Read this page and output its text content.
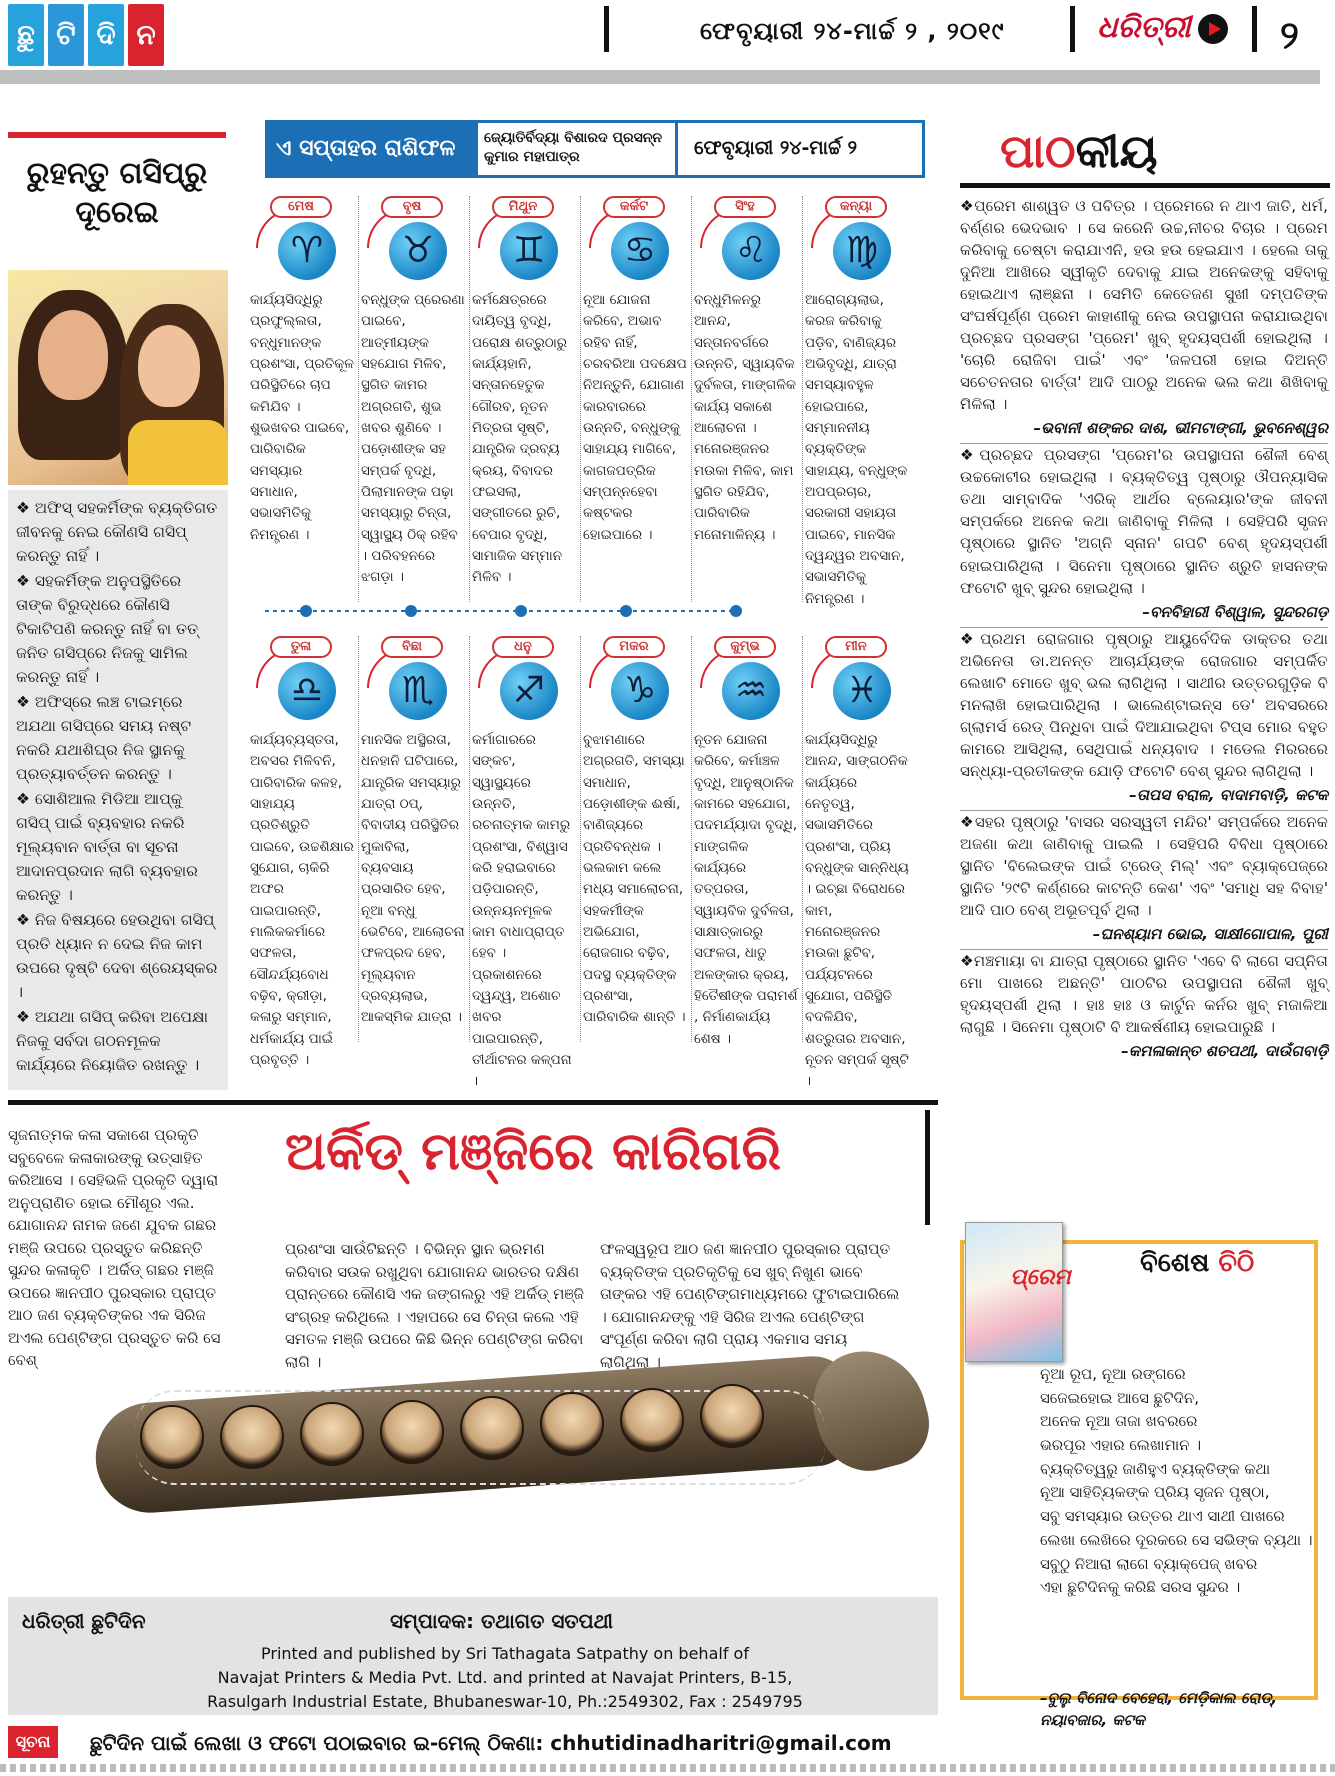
ଛୁ ଟି ଦି ନ	ଫେବୃୟାରୀ ୨୪-ମାର୍ଚ୍ଚ ୨ , ୨୦୧୯	ଧରିତ୍ରୀ ୨
ରୁହନ୍ତୁ ଗସିପ୍‌ରୁ ଦୂରେଇ

❖ ଅଫିସ୍ ସହକର୍ମିଙ୍କ ବ୍ୟକ୍ତିଗତ ଜୀବନକୁ ନେଇ କୌଣସି ଗସିପ୍ କରନ୍ତୁ ନାହିଁ ।

❖ ସହକର୍ମିଙ୍କ ଅନୁପସ୍ଥିତିରେ ତାଙ୍କ ବିରୁଦ୍ଧରେ କୌଣସି ଟିକାଟିପଣି କରନ୍ତୁ ନାହିଁ ବା ତତ୍ ଜନିତ ଗସିପ୍‌ରେ ନିଜକୁ ସାମିଲ କରନ୍ତୁ ନାହିଁ ।

❖ ଅଫିସ୍‌ରେ ଲଞ୍ଚ ଟାଇମ୍‌ରେ ଅଯଥା ଗସିପ୍‌ରେ ସମୟ ନଷ୍ଟ ନକରି ଯଥାଶିଘ୍ର ନିଜ ସ୍ଥାନକୁ ପ୍ରତ୍ୟାବର୍ତ୍ତନ କରନ୍ତୁ ।

❖ ସୋଶିଆଲ ମିଡିଆ ଆପ୍‌କୁ ଗସିପ୍ ପାଇଁ ବ୍ୟବହାର ନକରି ମୂଲ୍ୟବାନ ବାର୍ତ୍ତା ବା ସୂଚନା ଆଦାନପ୍ରଦାନ ଲାଗି ବ୍ୟବହାର କରନ୍ତୁ ।

❖ ନିଜ ବିଷୟରେ ହେଉଥିବା ଗସିପ୍ ପ୍ରତି ଧ୍ୟାନ ନ ଦେଇ ନିଜ କାମ ଉପରେ ଦୃଷ୍ଟି ଦେବା ଶ୍ରେୟସ୍କର ।

❖ ଅଯଥା ଗସିପ୍ କରିବା ଅପେକ୍ଷା ନିଜକୁ ସର୍ବଦା ଗଠନମୂଳକ କାର୍ଯ୍ୟରେ ନିୟୋଜିତ ରଖନ୍ତୁ ।

ଏ ସପ୍ତାହର ରାଶିଫଳ	ଜ୍ୟୋତିର୍ବିଦ୍ୟା ବିଶାରଦ ପ୍ରସନ୍ନ କୁମାର ମହାପାତ୍ର	ଫେବୃୟାରୀ ୨୪-ମାର୍ଚ୍ଚ ୨
ମେଷ
♈
କାର୍ଯ୍ୟସିଦ୍ଧିରୁ ପ୍ରଫୁଲ୍ଲତା, ବନ୍ଧୁମାନଙ୍କ ପ୍ରଶଂସା, ପ୍ରତିକୂଳ ପରିସ୍ଥିତିରେ ଚାପ କମିଯିବ । ଶୁଭଖବର ପାଇବେ, ପାରିବାରିକ ସମସ୍ୟାର ସମାଧାନ, ସଭାସମିତିକୁ ନିମନ୍ତ୍ରଣ ।
ବୃଷ
♉
ବନ୍ଧୁଙ୍କ ପ୍ରେରଣା ପାଇବେ, ଆତ୍ମୀୟଙ୍କ ସହଯୋଗ ମିଳିବ, ସ୍ଥଗିତ କାମର ଅଗ୍ରଗତି, ଶୁଭ ଖବର ଶୁଣିବେ । ପଡ଼ୋଶୀଙ୍କ ସହ ସମ୍ପର୍କ ବୃଦ୍ଧି, ପିଲାମାନଙ୍କ ପଢ଼ା ସମସ୍ୟାରୁ ଚିନ୍ତା, ସ୍ୱାସ୍ଥ୍ୟ ଠିକ୍ ରହିବ । ପରିବହନରେ ଝଗଡ଼ା ।
ମିଥୁନ
♊
କର୍ମକ୍ଷେତ୍ରରେ ଦାୟିତ୍ୱ ବୃଦ୍ଧି, ପରୋକ୍ଷ ଶତ୍ରୁଠାରୁ କାର୍ଯ୍ୟହାନି, ସନ୍ତାନହେତୁକ ଗୌରବ, ନୂତନ ମିତ୍ରତା ସୃଷ୍ଟି, ଯାନ୍ତ୍ରିକ ଦ୍ରବ୍ୟ କ୍ରୟ, ବିବାଦର ଫଇସଲା, ସଙ୍ଗୀତରେ ରୁଚି, ବେପାର ବୃଦ୍ଧି, ସାମାଜିକ ସମ୍ମାନ ମିଳିବ ।
କର୍କଟ
♋
ନୂଆ ଯୋଜନା କରିବେ, ଅଭାବ ରହିବ ନାହିଁ, ଚରବରିଆ ପଦକ୍ଷେପ ନିଅନ୍ତୁନି, ଯୋଗାଣ କାରବାରରେ ଉନ୍ନତି, ବନ୍ଧୁଙ୍କୁ ସାହାଯ୍ୟ ମାଗିବେ, କାଗଜପତ୍ରିକ ସମ୍ପନ୍ନହେବା କଷ୍ଟକର ହୋଇପାରେ ।
ସିଂହ
♌
ବନ୍ଧୁମିଳନରୁ ଆନନ୍ଦ, ସନ୍ତାନବର୍ଗରେ ଉନ୍ନତି, ସ୍ୱାୟବିକ ଦୁର୍ବଳତା, ମାଙ୍ଗଳିକ କାର୍ଯ୍ୟ ସକାଶେ ଆଲୋଚନା । ମନୋରଞ୍ଜନର ମଉକା ମିଳିବ, କାମ ସ୍ଥଗିତ ରହିଯିବ, ପାରିବାରିକ ମନୋମାଳିନ୍ୟ ।
କନ୍ୟା
♍
ଆରୋଗ୍ୟଲାଭ, କରଜ କରିବାକୁ ପଡ଼ିବ, ବାଣିଜ୍ୟର ଅଭିବୃଦ୍ଧି, ଯାତ୍ରା ସମସ୍ୟାବହୁଳ ହୋଇପାରେ, ସମ୍ମାନନୀୟ ବ୍ୟକ୍ତିଙ୍କ ସାହାଯ୍ୟ, ବନ୍ଧୁଙ୍କ ଅପପ୍ରଚାର, ସରକାରୀ ସହାୟତା ପାଇବେ, ମାନସିକ ଦ୍ୱନ୍ଦ୍ୱର ଅବସାନ, ସଭାସମିତିକୁ ନିମନ୍ତ୍ରଣ ।
ତୁଳା
♎
କାର୍ଯ୍ୟବ୍ୟସ୍ତତା, ଅବସର ମିଳିବନି, ପାରିବାରିକ କଳହ, ସାହାଯ୍ୟ ପ୍ରତିଶ୍ରୁତି ପାଇବେ, ଉଚ୍ଚଶିକ୍ଷାର ସୁଯୋଗ, ଚାକିରି ଅଫର ପାଇପାରନ୍ତି, ମାଲିକକର୍ମାରେ ସଫଳତା, ସୌନ୍ଦର୍ଯ୍ୟବୋଧ ବଢ଼ିବ, କ୍ରୀଡ଼ା, କଳାରୁ ସମ୍ମାନ, ଧର୍ମକାର୍ଯ୍ୟ ପାଇଁ ପ୍ରବୃତ୍ତି ।
ବିଛା
♏
ମାନସିକ ଅସ୍ଥିରତା, ଧନହାନି ଘଟିପାରେ, ଯାନ୍ତ୍ରିକ ସମସ୍ୟାରୁ ଯାତ୍ରା ଠପ୍, ବିବାଦୀୟ ପରିସ୍ଥିତିର ମୁକାବିଲା, ବ୍ୟବସାୟ ପ୍ରସାରିତ ହେବ, ନୂଆ ବନ୍ଧୁ ଭେଟିବେ, ଆଲୋଚନା ଫଳପ୍ରଦ ହେବ, ମୂଲ୍ୟବାନ ଦ୍ରବ୍ୟଲାଭ, ଆକସ୍ମିକ ଯାତ୍ରା ।
ଧନୁ
♐
କର୍ମାଗାରରେ ସଙ୍କଟ, ସ୍ୱାସ୍ଥ୍ୟରେ ଉନ୍ନତି, ରଚନାତ୍ମକ କାମରୁ ପ୍ରଶଂସା, ବିଶ୍ୱାସ କରି ହରାଇବାରେ ପଡ଼ିପାରନ୍ତି, ଉନ୍ନୟନମୂଳକ କାମ ବାଧାପ୍ରାପ୍ତ ହେବ । ପ୍ରକାଶନରେ ଦ୍ୱନ୍ଦ୍ୱ, ଅଶୋଚ ଖବର ପାଇପାରନ୍ତି, ତୀର୍ଥାଟନର କଳ୍ପନା ।
ମକର
♑
ବୁଝାମଣାରେ ଅଗ୍ରଗତି, ସମସ୍ୟା ସମାଧାନ, ପଡ଼ୋଶୀଙ୍କ ଈର୍ଷା, ବାଣିଜ୍ୟରେ ପ୍ରତିବନ୍ଧକ । ଭଲକାମ କଲେ ମଧ୍ୟ ସମାଲୋଚନା, ସହକର୍ମୀଙ୍କ ଅଭିଯୋଗ, ରୋଜଗାର ବଢ଼ିବ, ପଦସ୍ଥ ବ୍ୟକ୍ତିଙ୍କ ପ୍ରଶଂସା, ପାରିବାରିକ ଶାନ୍ତି ।
କୁମ୍ଭ
♒
ନୂତନ ଯୋଜନା କରିବେ, କର୍ମାଞ୍ଚଳ ବୃଦ୍ଧି, ଆନୁଷ୍ଠାନିକ କାମରେ ସହଯୋଗ, ପଦମର୍ଯ୍ୟାଦା ବୃଦ୍ଧି, ମାଙ୍ଗଳିକ କାର୍ଯ୍ୟରେ ତତ୍ପରତା, ସ୍ୱାୟବିକ ଦୁର୍ବଳତା, ସାକ୍ଷାତ୍କାରରୁ ସଫଳତା, ଧାତୁ ଅଳଙ୍କାର କ୍ରୟ, ହିତୈଷୀଙ୍କ ପରାମର୍ଶ , ନିର୍ମାଣକାର୍ଯ୍ୟ ଶେଷ ।
ମୀନ
♓
କାର୍ଯ୍ୟସିଦ୍ଧିରୁ ଆନନ୍ଦ, ସାଙ୍ଗଠନିକ କାର୍ଯ୍ୟରେ ନେତୃତ୍ୱ, ସଭାସମିତିରେ ପ୍ରଶଂସା, ପ୍ରିୟ ବନ୍ଧୁଙ୍କ ସାନ୍ନିଧ୍ୟ । ଇଚ୍ଛା ବିରୋଧରେ କାମ, ମନୋରଞ୍ଜନର ମଉକା ଛୁଟିବ, ପର୍ଯ୍ୟଟନରେ ସୁଯୋଗ, ପରିସ୍ଥିତି ବଦଳିଯିବ, ଶତ୍ରୁତାର ଅବସାନ, ନୂତନ ସମ୍ପର୍କ ସୃଷ୍ଟି ।
ଅର୍କିଡ୍ ମଞ୍ଜିରେ କାରିଗରି
ସୃଜନାତ୍ମକ କଳା ସକାଶେ ପ୍ରକୃତି ସବୁବେଳେ କଳାକାରଙ୍କୁ ଉତ୍ସାହିତ କରିଆସେ । ସେହିଭଳି ପ୍ରକୃତି ଦ୍ୱାରା ଅନୁପ୍ରାଣିତ ହୋଇ ମୌଶୂର ଏଲ. ଯୋଗାନନ୍ଦ ନାମକ ଜଣେ ଯୁବକ ଗଛର ମଞ୍ଜି ଉପରେ ପ୍ରସ୍ତୁତ କରିଛନ୍ତି ସୁନ୍ଦର କଳାକୃତି । ଅର୍କିଡ୍ ଗଛର ମଞ୍ଜି ଉପରେ ଜ୍ଞାନପୀଠ ପୁରସ୍କାର ପ୍ରାପ୍ତ ଆଠ ଜଣ ବ୍ୟକ୍ତିଙ୍କର ଏକ ସିରିଜ ଅଏଲ ପେଣ୍ଟିଙ୍ଗ ପ୍ରସ୍ତୁତ କରି ସେ ବେଶ୍
ପ୍ରଶଂସା ସାଉଁଟିଛନ୍ତି । ବିଭିନ୍ନ ସ୍ଥାନ ଭ୍ରମଣ କରିବାର ସଉକ ରଖୁଥିବା ଯୋଗାନନ୍ଦ ଭାରତର ଦକ୍ଷିଣ ପ୍ରାନ୍ତରେ କୌଣସି ଏକ ଜଙ୍ଗଲରୁ ଏହି ଅର୍କିଡ୍ ମଞ୍ଜି ସଂଗ୍ରହ କରିଥିଲେ । ଏହାପରେ ସେ ଚିନ୍ତା କଲେ ଏହି ସମତଳ ମଞ୍ଜି ଉପରେ କିଛି ଭିନ୍ନ ପେଣ୍ଟିଙ୍ଗ କରିବା ଲାଗି ।
ଫଳସ୍ୱରୂପ ଆଠ ଜଣ ଜ୍ଞାନପୀଠ ପୁରସ୍କାର ପ୍ରାପ୍ତ ବ୍ୟକ୍ତିଙ୍କ ପ୍ରତିକୃତିକୁ ସେ ଖୁବ୍ ନିଖୁଣ ଭାବେ ତାଙ୍କର ଏହି ପେଣ୍ଟିଙ୍ଗମାଧ୍ୟମରେ ଫୁଟାଇପାରିଲେ । ଯୋଗାନନ୍ଦଙ୍କୁ ଏହି ସିରିଜ ଅଏଲ ପେଣ୍ଟିଙ୍ଗ ସଂପୂର୍ଣ୍ଣ କରିବା ଲାଗି ପ୍ରାୟ ଏକମାସ ସମୟ ଲାଗିଥିଲା ।
ଧରିତ୍ରୀ ଛୁଟିଦିନ	ସମ୍ପାଦକ: ତଥାଗତ ସତପଥୀ
Printed and published by Sri Tathagata Satpathy on behalf of
Navajat Printers & Media Pvt. Ltd. and printed at Navajat Printers, B-15,
Rasulgarh Industrial Estate, Bhubaneswar-10, Ph.:2549302, Fax : 2549795
ସୂଚନା	ଛୁଟିଦିନ ପାଇଁ ଲେଖା ଓ ଫଟୋ ପଠାଇବାର ଇ-ମେଲ୍ ଠିକଣା: chhutidinadharitri@gmail.com
ପାଠକୀୟ
❖ପ୍ରେମ ଶାଶ୍ୱତ ଓ ପବିତ୍ର । ପ୍ରେମରେ ନ ଥାଏ ଜାତି, ଧର୍ମ, ବର୍ଣ୍ଣର ଭେଦଭାବ । ସେ କରେନି ଉଚ୍ଚ,ନୀଚର ବିଚାର । ପ୍ରେମ କରିବାକୁ ଚେଷ୍ଟା କରାଯାଏନି, ହଉ ହଉ ହେଇଯାଏ । ହେଲେ ତାକୁ ଦୁନିଆ ଆଖିରେ ସ୍ୱୀକୃତି ଦେବାକୁ ଯାଇ ଅନେକଙ୍କୁ ସହିବାକୁ ହୋଇଥାଏ ଲାଞ୍ଛନା । ସେମିତି କେତେଜଣ ସୁଖୀ ଦମ୍ପତିଙ୍କ ସଂଘର୍ଷପୂର୍ଣ୍ଣ ପ୍ରେମ କାହାଣୀକୁ ନେଇ ଉପସ୍ଥାପନା କରାଯାଇଥିବା ପ୍ରଚ୍ଛଦ ପ୍ରସଙ୍ଗ 'ପ୍ରେମ' ଖୁବ୍ ହୃଦୟସ୍ପର୍ଶୀ ହୋଇଥିଲା । 'ଚୋରି ରୋଜିବା ପାଇଁ' ଏବଂ 'ଜଳପରୀ ହୋଇ ଦିଅନ୍ତି ସଚେତନତାର ବାର୍ତ୍ତା' ଆଦି ପାଠରୁ ଅନେକ ଭଲ କଥା ଶିଖିବାକୁ ମିଳିଲା ।
–ଭବାନୀ ଶଙ୍କର ଦାଶ, ଭୀମଟାଙ୍ଗୀ, ଭୁବନେଶ୍ୱର
❖ପ୍ରଚ୍ଛଦ ପ୍ରସଙ୍ଗ 'ପ୍ରେମ'ର ଉପସ୍ଥାପନା ଶୈଳୀ ବେଶ୍ ଉଚ୍ଚକୋଟୀର ହୋଇଥିଲା । ବ୍ୟକ୍ତିତ୍ୱ ପୃଷ୍ଠାରୁ ଔପନ୍ୟାସିକ ତଥା ସାମ୍ବାଦିକ 'ଏରିକ୍ ଆର୍ଥର ବ୍ଲେୟାର'ଙ୍କ ଜୀବନୀ ସମ୍ପର୍କରେ ଅନେକ କଥା ଜାଣିବାକୁ ମିଳିଲା । ସେହିପରି ସୃଜନ ପୃଷ୍ଠାରେ ସ୍ଥାନିତ 'ଅଗ୍ନି ସ୍ନାନ' ଗପଟି ବେଶ୍ ହୃଦୟସ୍ପର୍ଶୀ ହୋଇପାରିଥିଲା । ସିନେମା ପୃଷ୍ଠାରେ ସ୍ଥାନିତ ଶ୍ରୁତି ହାସନଙ୍କ ଫଟୋଟି ଖୁବ୍ ସୁନ୍ଦର ହୋଇଥିଲା ।
–ବନବିହାରୀ ବିଶ୍ୱାଳ, ସୁନ୍ଦରଗଡ଼
❖ପ୍ରଥମ ରୋଜଗାର ପୃଷ୍ଠାରୁ ଆୟୁର୍ବେଦିକ ଡାକ୍ତର ତଥା ଅଭିନେତା ଡା.ଅନନ୍ତ ଆଚାର୍ଯ୍ୟଙ୍କ ରୋଜଗାର ସମ୍ପର୍କିତ ଲେଖାଟି ମୋତେ ଖୁବ୍ ଭଲ ଲାଗିଥିଲା । ସାଥୀର ଉତ୍ତରଗୁଡ଼ିକ ବି ମନଲାଖି ହୋଇପାରିଥିଲା । ଭାଲେଣ୍ଟାଇନ୍ସ ଡେ' ଅବସରରେ ଗ୍ଲାମର୍ସ ରେଡ୍ ପିନ୍ଧିବା ପାଇଁ ଦିଆଯାଇଥିବା ଟିପ୍ସ ମୋର ବହୁତ କାମରେ ଆସିଥିଲା, ସେଥିପାଇଁ ଧନ୍ୟବାଦ । ମଡେଲ ମିରରରେ ସନ୍ଧ୍ୟା-ପ୍ରତୀକଙ୍କ ଯୋଡ଼ି ଫଟୋଟି ବେଶ୍ ସୁନ୍ଦର ଲାଗିଥିଲା ।
–ତାପସ ବରାଳ, ବାଦାମବାଡ଼ି, କଟକ
❖ସହର ପୃଷ୍ଠାରୁ 'ବାସର ସରସ୍ୱତୀ ମନ୍ଦିର' ସମ୍ପର୍କରେ ଅନେକ ଅଜଣା କଥା ଜାଣିବାକୁ ପାଇଲି । ସେହିପରି ବିବିଧା ପୃଷ୍ଠାରେ ସ୍ଥାନିତ 'ବିଲେଇଙ୍କ ପାଇଁ ଟ୍ରେଡ୍ ମିଲ୍' ଏବଂ ବ୍ୟାକ୍‌ପେଜ୍‌ରେ ସ୍ଥାନିତ '୨୯ଟି କର୍ଣ୍ଣରେ କାଟନ୍ତି କେଶ' ଏବଂ 'ସମାଧି ସହ ବିବାହ' ଆଦି ପାଠ ବେଶ୍ ଅଭୂତପୂର୍ବ ଥିଲା ।
–ଘନଶ୍ୟାମ ଭୋଇ, ସାକ୍ଷୀଗୋପାଳ, ପୁରୀ
❖ମଞ୍ଚମାୟା ବା ଯାତ୍ରା ପୃଷ୍ଠାରେ ସ୍ଥାନିତ 'ଏବେ ବି ଲାଗେ ସପ୍ନିତା ମୋ ପାଖରେ ଅଛନ୍ତି' ପାଠଟିର ଉପସ୍ଥାପନା ଶୈଳୀ ଖୁବ୍ ହୃଦୟସ୍ପର୍ଶୀ ଥିଲା । ହାଃ ହାଃ ଓ କାର୍ଟୁନ କର୍ନର ଖୁବ୍ ମଜାଳିଆ ଲାଗୁଛି । ସିନେମା ପୃଷ୍ଠାଟି ବି ଆକର୍ଷଣୀୟ ହୋଇପାରୁଛି ।
–କମଳାକାନ୍ତ ଶତପଥୀ, ଦାଉଁଗବାଡ଼ି
ପ୍ରେମ	ବିଶେଷ ଚିଠି
ନୂଆ ରୂପ, ନୂଆ ରଙ୍ଗରେ
ସଜେଇହୋଇ ଆସେ ଛୁଟିଦିନ,
ଅନେକ ନୂଆ ତାଜା ଖବରରେ
ଭରପୂର ଏହାର ଲେଖାମାନ ।
ବ୍ୟକ୍ତିତ୍ୱରୁ ଜାଣିହୁଏ ବ୍ୟକ୍ତିଙ୍କ କଥା
ନୂଆ ସାହିତ୍ୟିକଙ୍କ ପ୍ରିୟ ସୃଜନ ପୃଷ୍ଠା,
ସବୁ ସମସ୍ୟାର ଉତ୍ତର ଥାଏ ସାଥୀ ପାଖରେ
ଲେଖା ଲେଖିରେ ଦୂରକରେ ସେ ସଭିଙ୍କ ବ୍ୟଥା ।
ସବୁଠୁ ନିଆରା ଲାଗେ ବ୍ୟାକ୍‌ପେଜ୍ ଖବର
ଏହା ଛୁଟିଦିନକୁ କରିଛି ସରସ ସୁନ୍ଦର ।
–ବୁଲୁ ବିନୋଦ ବେହେରା, ମେଡ଼ିକାଲ ରୋଡ୍, ନୟାବଜାର, କଟକ
